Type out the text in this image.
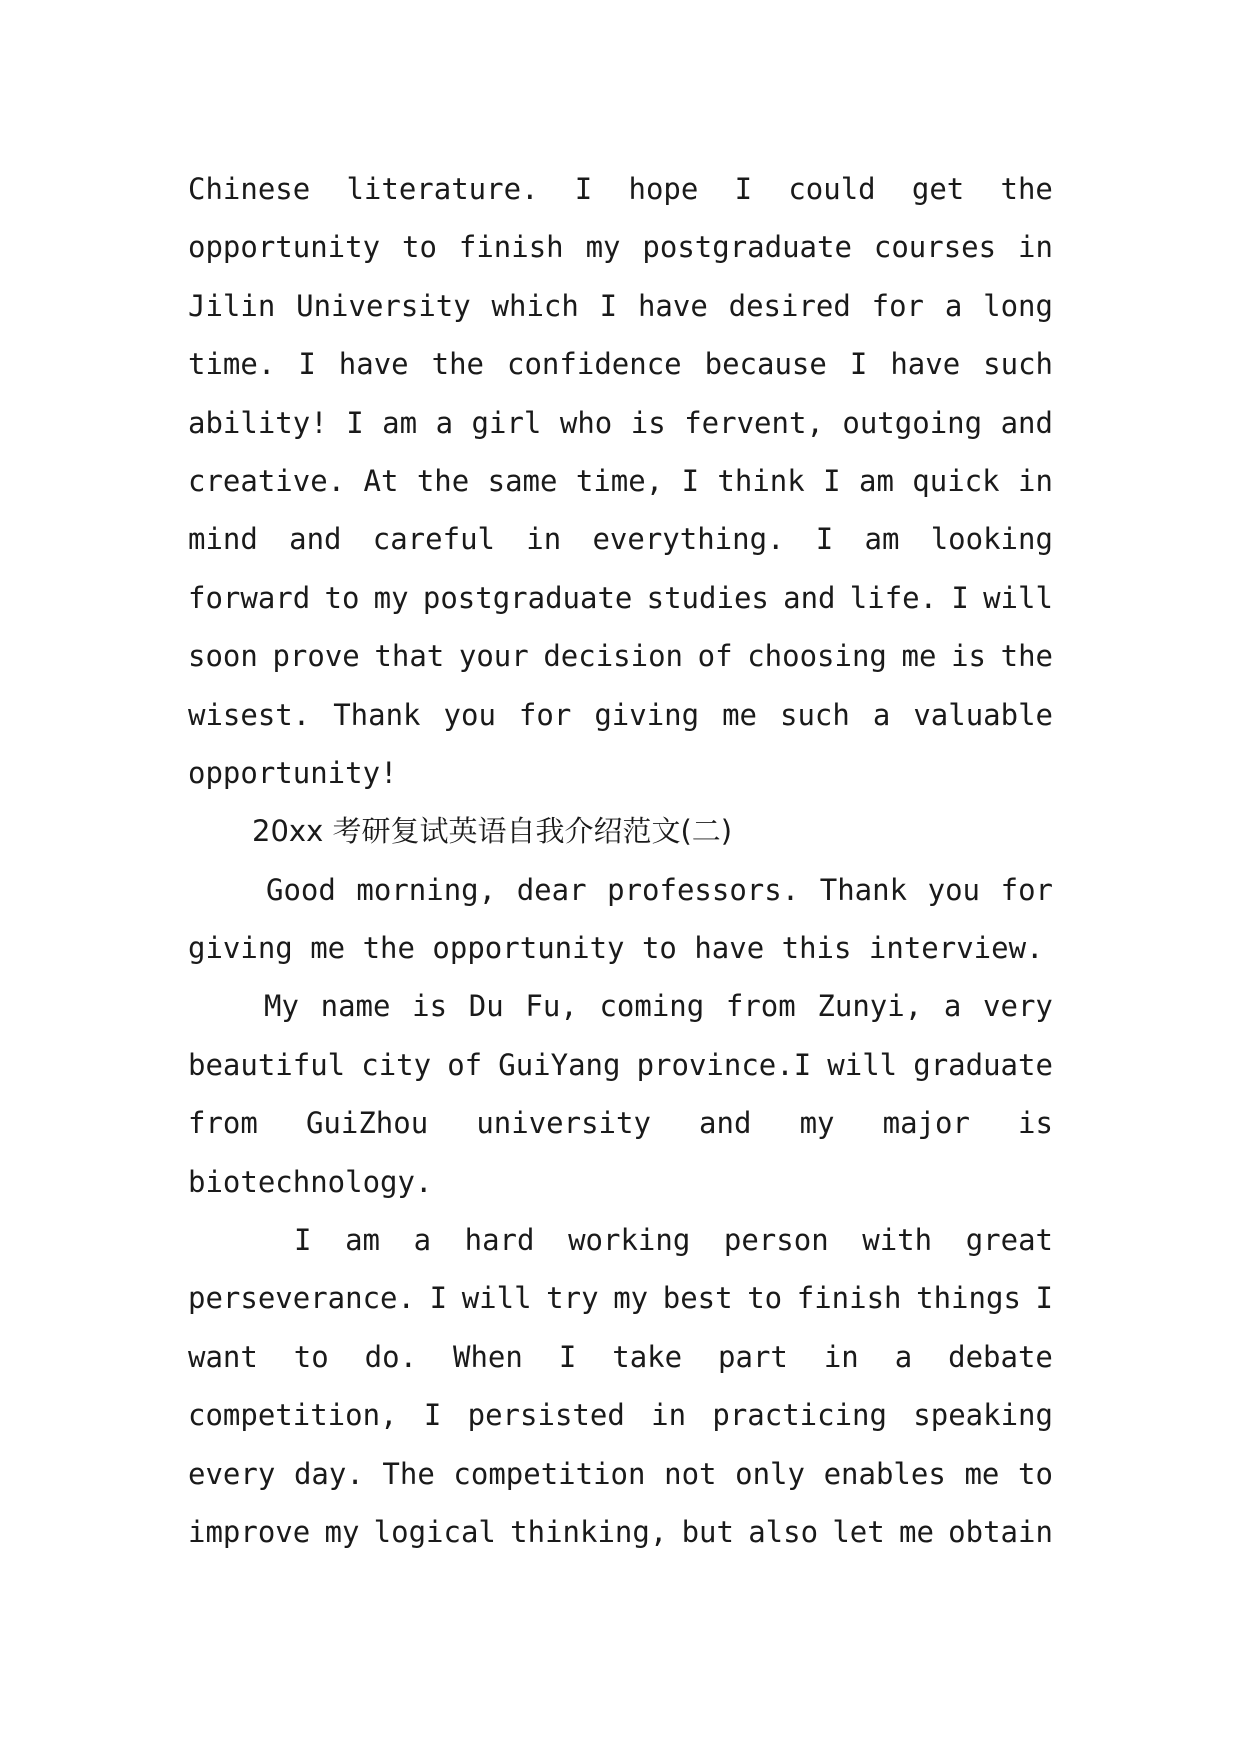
Chinese literature. I hope I could get the
opportunity to finish my postgraduate courses in
Jilin University which I have desired for a long
time. I have the confidence because I have such
ability! I am a girl who is fervent, outgoing and
creative. At the same time, I think I am quick in
mind and careful in everything. I am looking
forward to my postgraduate studies and life. I will
soon prove that your decision of choosing me is the
wisest. Thank you for giving me such a valuable
opportunity!
20xx 考研复试英语自我介绍范文(二)
Good morning, dear professors. Thank you for
giving me the opportunity to have this interview.
My name is Du Fu, coming from Zunyi, a very
beautiful city of GuiYang province.I will graduate
from GuiZhou university and my major is
biotechnology.
I am a hard working person with great
perseverance. I will try my best to finish things I
want to do. When I take part in a debate
competition, I persisted in practicing speaking
every day. The competition not only enables me to
improve my logical thinking, but also let me obtain
